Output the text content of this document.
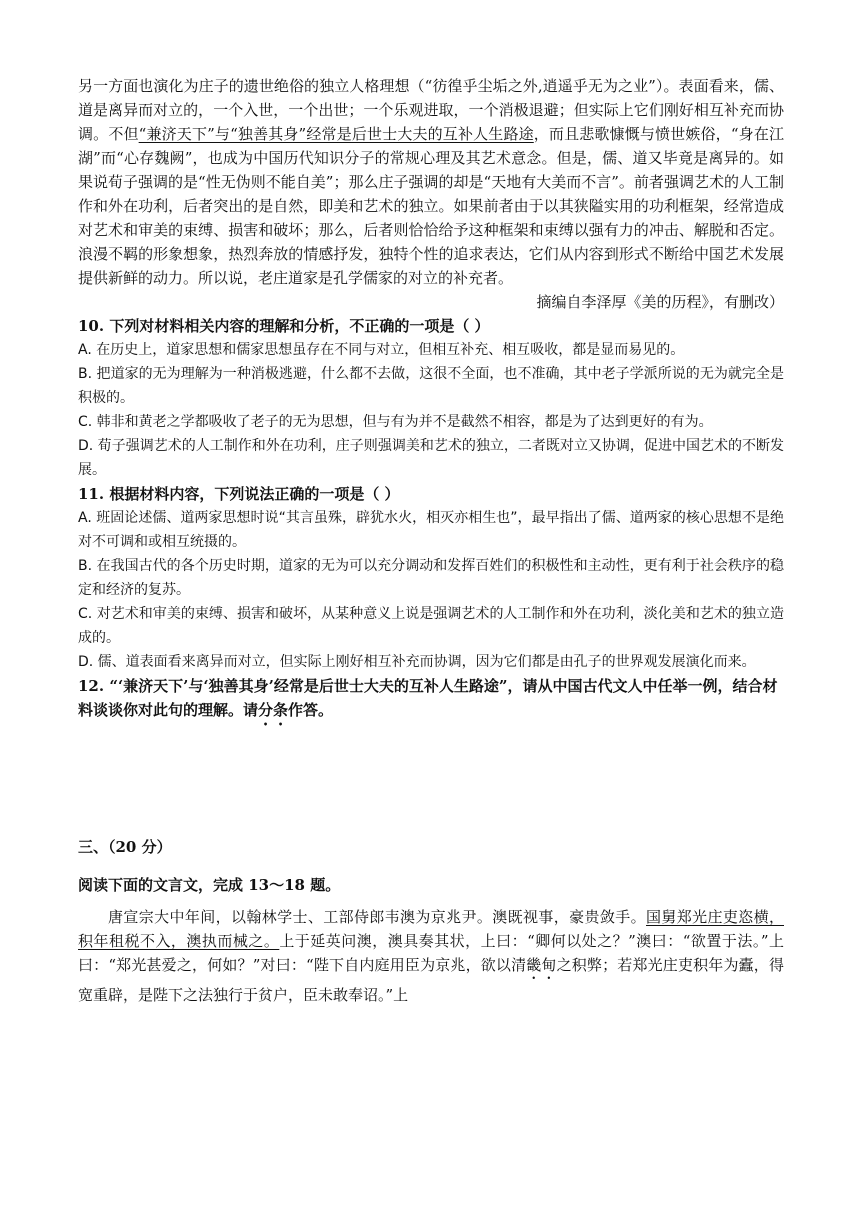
另一方面也演化为庄子的遗世绝俗的独立人格理想（“彷徨乎尘垢之外,逍遥乎无为之业”）。表面看来，儒、道是离异而对立的，一个入世，一个出世；一个乐观进取，一个消极退避；但实际上它们刚好相互补充而协调。不但“兼济天下”与“独善其身”经常是后世士大夫的互补人生路途，而且悲歌慷慨与愤世嫉俗，“身在江湖”而“心存魏阙”，也成为中国历代知识分子的常规心理及其艺术意念。但是，儒、道又毕竟是离异的。如果说荀子强调的是“性无伪则不能自美”；那么庄子强调的却是“天地有大美而不言”。前者强调艺术的人工制作和外在功利，后者突出的是自然，即美和艺术的独立。如果前者由于以其狭隘实用的功利框架，经常造成对艺术和审美的束缚、损害和破坏；那么，后者则恰恰给予这种框架和束缚以强有力的冲击、解脱和否定。浪漫不羁的形象想象，热烈奔放的情感抒发，独特个性的追求表达，它们从内容到形式不断给中国艺术发展提供新鲜的动力。所以说，老庄道家是孔学儒家的对立的补充者。

摘编自李泽厚《美的历程》，有删改）

10. 下列对材料相关内容的理解和分析，不正确的一项是（ ）

A. 在历史上，道家思想和儒家思想虽存在不同与对立，但相互补充、相互吸收，都是显而易见的。

B. 把道家的无为理解为一种消极逃避，什么都不去做，这很不全面，也不准确，其中老子学派所说的无为就完全是积极的。

C. 韩非和黄老之学都吸收了老子的无为思想，但与有为并不是截然不相容，都是为了达到更好的有为。

D. 荀子强调艺术的人工制作和外在功利，庄子则强调美和艺术的独立，二者既对立又协调，促进中国艺术的不断发展。

11. 根据材料内容，下列说法正确的一项是（ ）

A. 班固论述儒、道两家思想时说“其言虽殊，辟犹水火，相灭亦相生也”，最早指出了儒、道两家的核心思想不是绝对不可调和或相互统摄的。

B. 在我国古代的各个历史时期，道家的无为可以充分调动和发挥百姓们的积极性和主动性，更有利于社会秩序的稳定和经济的复苏。

C. 对艺术和审美的束缚、损害和破坏，从某种意义上说是强调艺术的人工制作和外在功利，淡化美和艺术的独立造成的。

D. 儒、道表面看来离异而对立，但实际上刚好相互补充而协调，因为它们都是由孔子的世界观发展演化而来。

12. “‘兼济天下’与‘独善其身’经常是后世士大夫的互补人生路途”，请从中国古代文人中任举一例，结合材料谈谈你对此句的理解。请分条作答。

三、（20 分）

阅读下面的文言文，完成 13～18 题。

唐宣宗大中年间，以翰林学士、工部侍郎韦澳为京兆尹。澳既视事，豪贵敛手。国舅郑光庄吏恣横， 积年租税不入，澳执而械之。上于延英问澳，澳具奏其状，上曰：“卿何以处之？”澳曰：“欲置于法。”上曰：“郑光甚爱之，何如？”对曰：“陛下自内庭用臣为京兆，欲以清畿甸之积弊；若郑光庄吏积年为蠹，得宽重辟，是陛下之法独行于贫户，臣未敢奉诏。”上
